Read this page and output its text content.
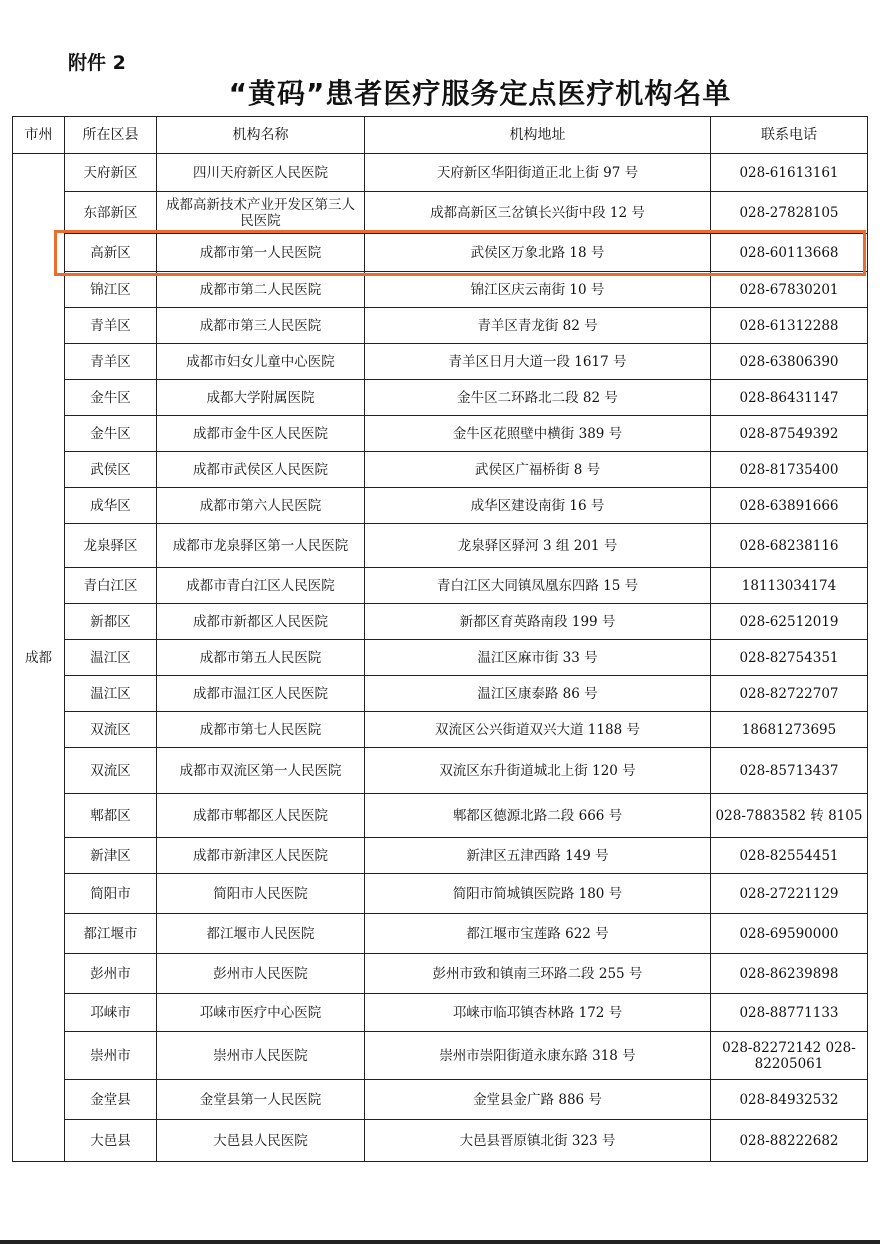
附件 2
“黄码”患者医疗服务定点医疗机构名单
市州	所在区县	机构名称	机构地址	联系电话
成都	天府新区	四川天府新区人民医院	天府新区华阳街道正北上街 97 号	028-61613161
	东部新区	成都高新技术产业开发区第三人民医院	成都高新区三岔镇长兴街中段 12 号	028-27828105
	高新区	成都市第一人民医院	武侯区万象北路 18 号	028-60113668
	锦江区	成都市第二人民医院	锦江区庆云南街 10 号	028-67830201
	青羊区	成都市第三人民医院	青羊区青龙街 82 号	028-61312288
	青羊区	成都市妇女儿童中心医院	青羊区日月大道一段 1617 号	028-63806390
	金牛区	成都大学附属医院	金牛区二环路北二段 82 号	028-86431147
	金牛区	成都市金牛区人民医院	金牛区花照壁中横街 389 号	028-87549392
	武侯区	成都市武侯区人民医院	武侯区广福桥街 8 号	028-81735400
	成华区	成都市第六人民医院	成华区建设南街 16 号	028-63891666
	龙泉驿区	成都市龙泉驿区第一人民医院	龙泉驿区驿河 3 组 201 号	028-68238116
	青白江区	成都市青白江区人民医院	青白江区大同镇凤凰东四路 15 号	18113034174
	新都区	成都市新都区人民医院	新都区育英路南段 199 号	028-62512019
	温江区	成都市第五人民医院	温江区麻市街 33 号	028-82754351
	温江区	成都市温江区人民医院	温江区康泰路 86 号	028-82722707
	双流区	成都市第七人民医院	双流区公兴街道双兴大道 1188 号	18681273695
	双流区	成都市双流区第一人民医院	双流区东升街道城北上街 120 号	028-85713437
	郫都区	成都市郫都区人民医院	郫都区德源北路二段 666 号	028-7883582 转 8105
	新津区	成都市新津区人民医院	新津区五津西路 149 号	028-82554451
	简阳市	简阳市人民医院	简阳市简城镇医院路 180 号	028-27221129
	都江堰市	都江堰市人民医院	都江堰市宝莲路 622 号	028-69590000
	彭州市	彭州市人民医院	彭州市致和镇南三环路二段 255 号	028-86239898
	邛崃市	邛崃市医疗中心医院	邛崃市临邛镇杏林路 172 号	028-88771133
	崇州市	崇州市人民医院	崇州市崇阳街道永康东路 318 号	028-82272142 028-82205061
	金堂县	金堂县第一人民医院	金堂县金广路 886 号	028-84932532
	大邑县	大邑县人民医院	大邑县晋原镇北街 323 号	028-88222682
